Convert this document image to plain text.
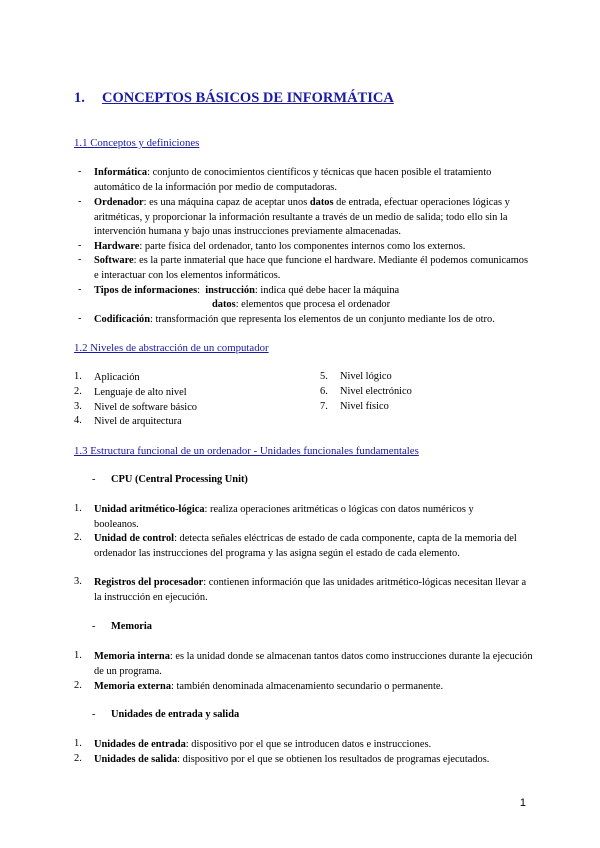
1. CONCEPTOS BÁSICOS DE INFORMÁTICA
1.1 Conceptos y definiciones
- Informática: conjunto de conocimientos científicos y técnicas que hacen posible el tratamiento automático de la información por medio de computadoras.
- Ordenador: es una máquina capaz de aceptar unos datos de entrada, efectuar operaciones lógicas y aritméticas, y proporcionar la información resultante a través de un medio de salida; todo ello sin la intervención humana y bajo unas instrucciones previamente almacenadas.
- Hardware: parte física del ordenador, tanto los componentes internos como los externos.
- Software: es la parte inmaterial que hace que funcione el hardware. Mediante él podemos comunicamos e interactuar con los elementos informáticos.
- Tipos de informaciones: instrucción: indica qué debe hacer la máquina
datos: elementos que procesa el ordenador
- Codificación: transformación que representa los elementos de un conjunto mediante los de otro.
1.2 Niveles de abstracción de un computador
1. Aplicación
2. Lenguaje de alto nivel
3. Nivel de software básico
4. Nivel de arquitectura
5. Nivel lógico
6. Nivel electrónico
7. Nivel físico
1.3 Estructura funcional de un ordenador - Unidades funcionales fundamentales
- CPU (Central Processing Unit)
1. Unidad aritmético-lógica: realiza operaciones aritméticas o lógicas con datos numéricos y booleanos.
2. Unidad de control: detecta señales eléctricas de estado de cada componente, capta de la memoria del ordenador las instrucciones del programa y las asigna según el estado de cada elemento.
3. Registros del procesador: contienen información que las unidades aritmético-lógicas necesitan llevar a la instrucción en ejecución.
- Memoria
1. Memoria interna: es la unidad donde se almacenan tantos datos como instrucciones durante la ejecución de un programa.
2. Memoria externa: también denominada almacenamiento secundario o permanente.
- Unidades de entrada y salida
1. Unidades de entrada: dispositivo por el que se introducen datos e instrucciones.
2. Unidades de salida: dispositivo por el que se obtienen los resultados de programas ejecutados.
1
